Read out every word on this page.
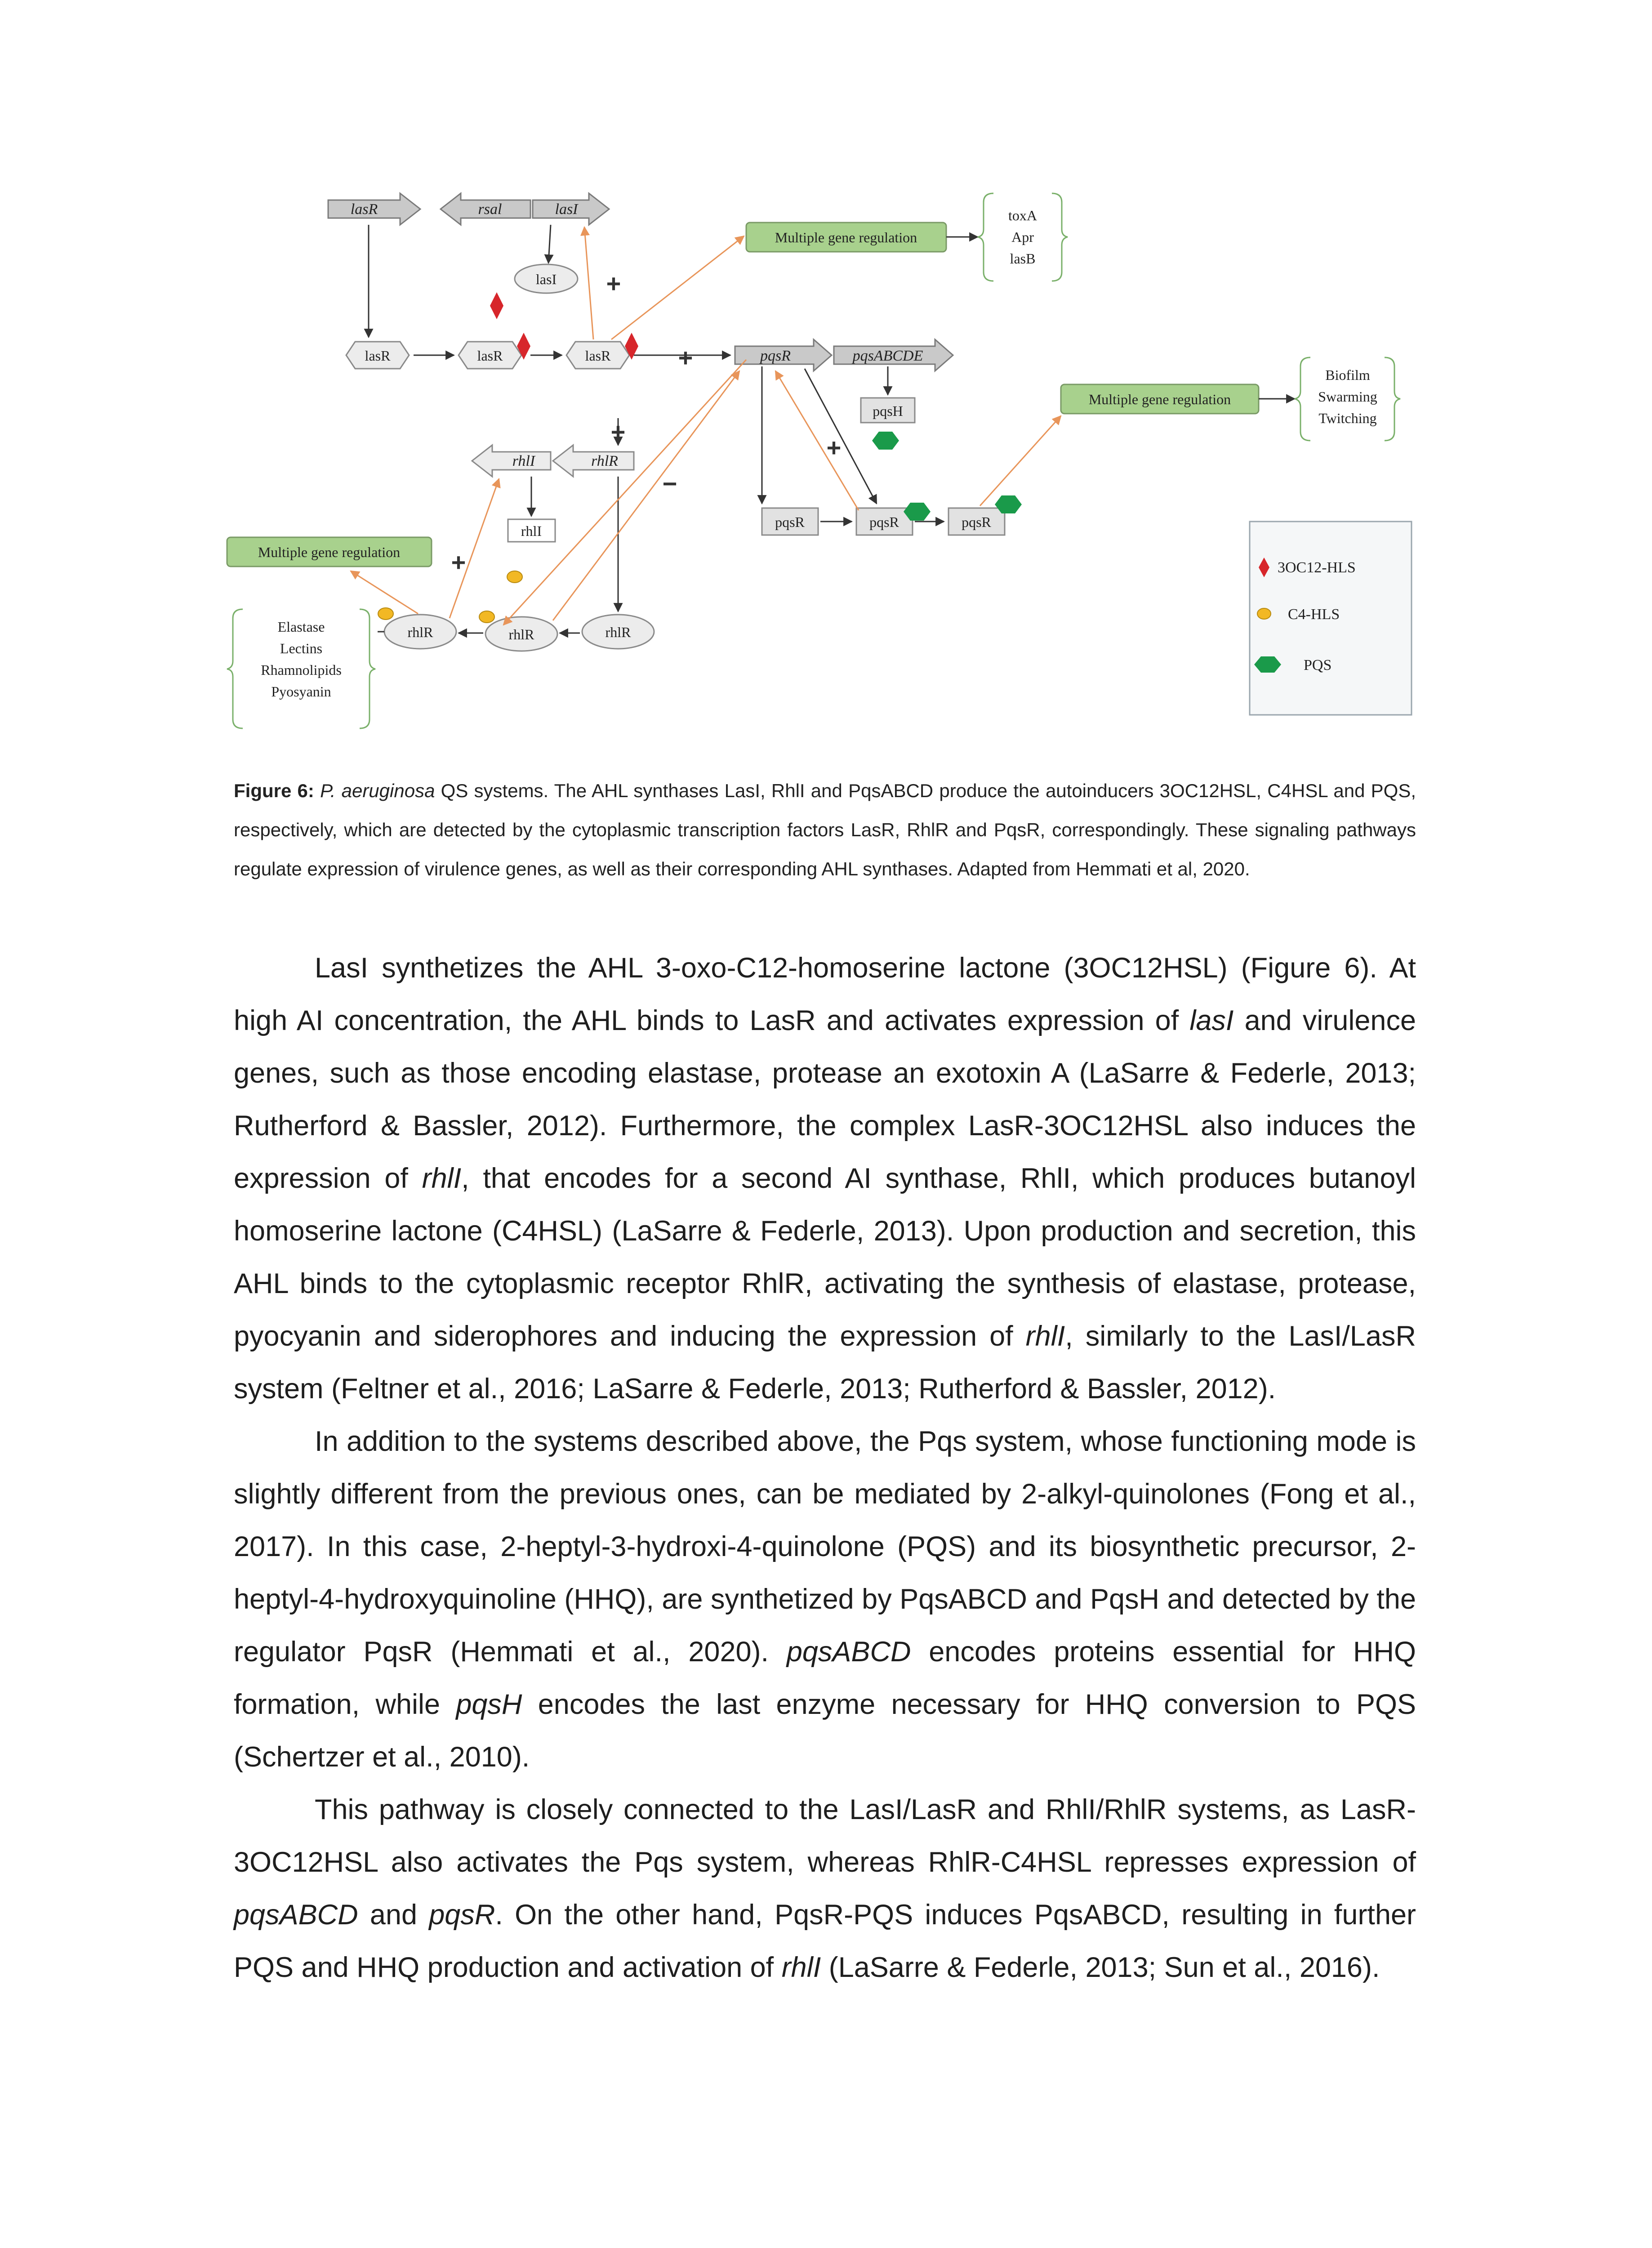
lasR	rsal	lasI
lasI
lasR	lasR	lasR
+
+
+
−
+
+
Multiple gene regulation
toxA
Apr
lasB
pqsR	pqsABCDE
pqsH
pqsR	pqsR	pqsR
Multiple gene regulation
Biofilm
Swarming
Twitching
rhlI	rhlR
rhlI
Multiple gene regulation
rhlR	rhlR	rhlR
Elastase
Lectins
Rhamnolipids
Pyosyanin
3OC12-HLS
C4-HLS
PQS
Figure 6: P. aeruginosa QS systems. The AHL synthases LasI, RhlI and PqsABCD produce the autoinducers 3OC12HSL, C4HSL and PQS, respectively, which are detected by the cytoplasmic transcription factors LasR, RhlR and PqsR, correspondingly. These signaling pathways regulate expression of virulence genes, as well as their corresponding AHL synthases. Adapted from Hemmati et al, 2020.

LasI synthetizes the AHL 3-oxo-C12-homoserine lactone (3OC12HSL) (Figure 6). At high AI concentration, the AHL binds to LasR and activates expression of lasI and virulence genes, such as those encoding elastase, protease an exotoxin A (LaSarre & Federle, 2013; Rutherford & Bassler, 2012). Furthermore, the complex LasR-3OC12HSL also induces the expression of rhlI, that encodes for a second AI synthase, RhlI, which produces butanoyl homoserine lactone (C4HSL) (LaSarre & Federle, 2013). Upon production and secretion, this AHL binds to the cytoplasmic receptor RhlR, activating the synthesis of elastase, protease, pyocyanin and siderophores and inducing the expression of rhlI, similarly to the LasI/LasR system (Feltner et al., 2016; LaSarre & Federle, 2013; Rutherford & Bassler, 2012).

In addition to the systems described above, the Pqs system, whose functioning mode is slightly different from the previous ones, can be mediated by 2-alkyl-quinolones (Fong et al., 2017). In this case, 2-heptyl-3-hydroxi-4-quinolone (PQS) and its biosynthetic precursor, 2-heptyl-4-hydroxyquinoline (HHQ), are synthetized by PqsABCD and PqsH and detected by the regulator PqsR (Hemmati et al., 2020). pqsABCD encodes proteins essential for HHQ formation, while pqsH encodes the last enzyme necessary for HHQ conversion to PQS (Schertzer et al., 2010).

This pathway is closely connected to the LasI/LasR and RhlI/RhlR systems, as LasR-3OC12HSL also activates the Pqs system, whereas RhlR-C4HSL represses expression of pqsABCD and pqsR. On the other hand, PqsR-PQS induces PqsABCD, resulting in further PQS and HHQ production and activation of rhlI (LaSarre & Federle, 2013; Sun et al., 2016).
